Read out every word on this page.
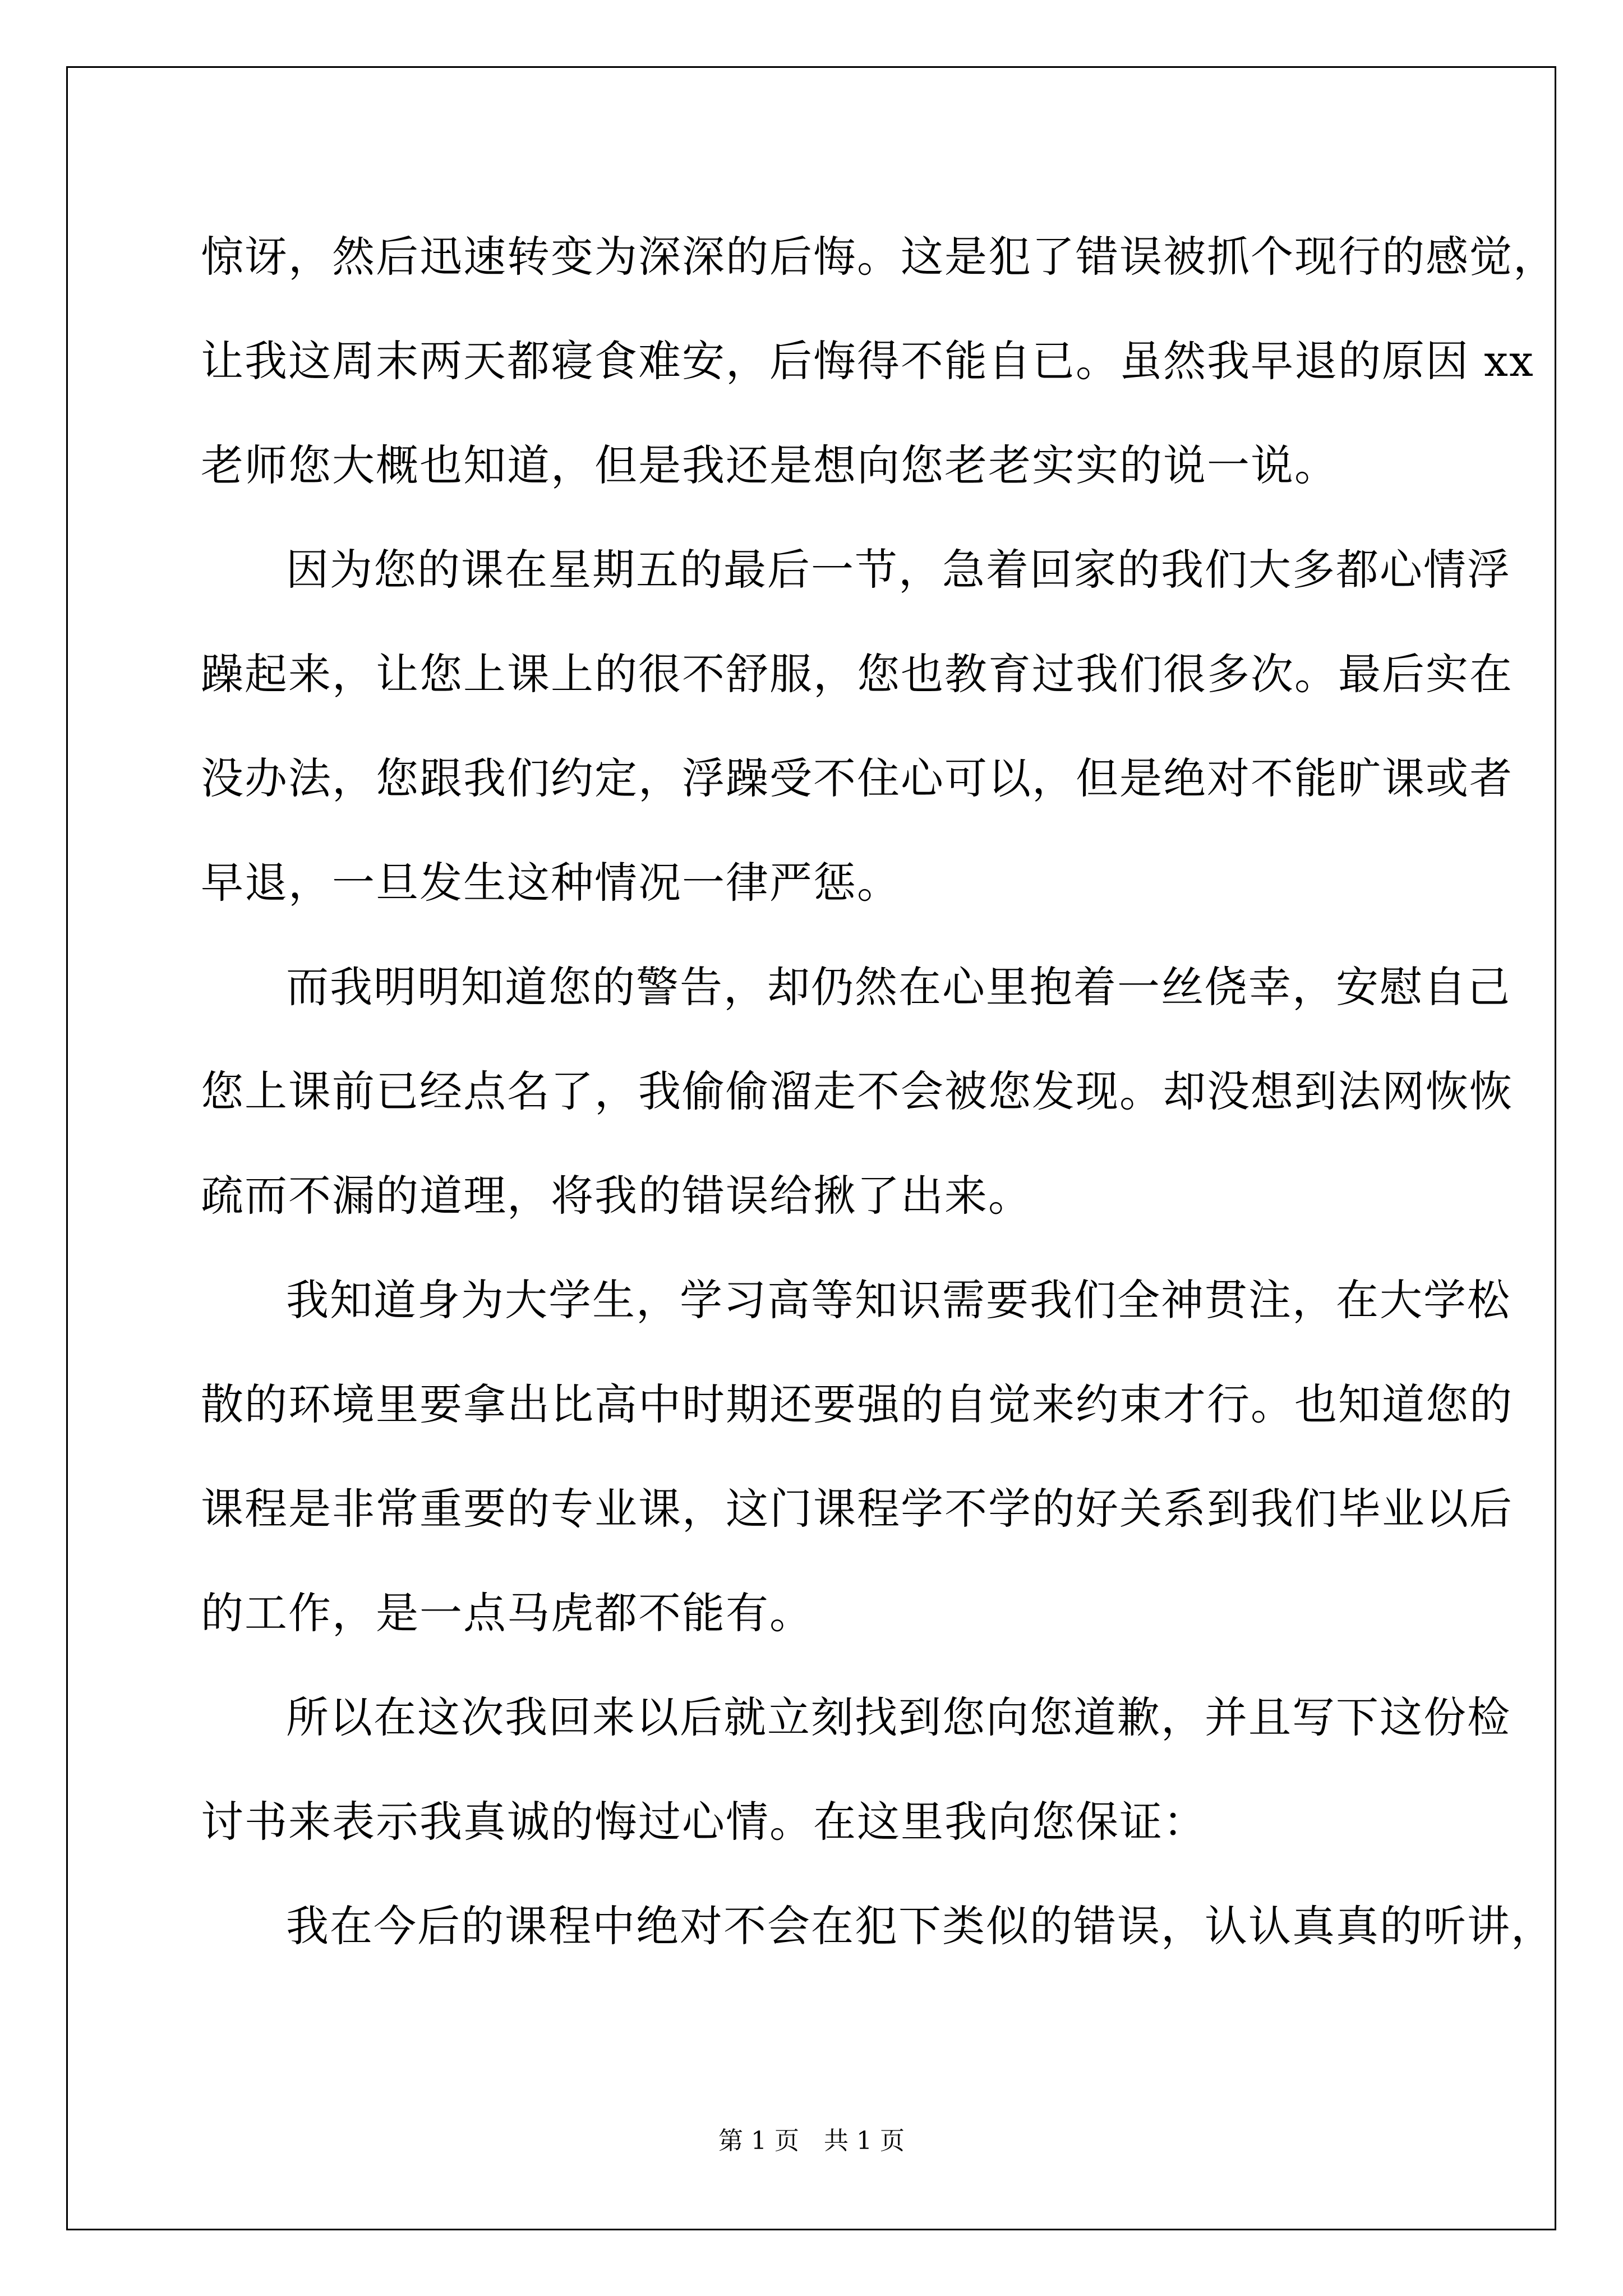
惊讶，然后迅速转变为深深的后悔。这是犯了错误被抓个现行的感觉，
让我这周末两天都寝食难安，后悔得不能自已。虽然我早退的原因 xx
老师您大概也知道，但是我还是想向您老老实实的说一说。
因为您的课在星期五的最后一节，急着回家的我们大多都心情浮
躁起来，让您上课上的很不舒服，您也教育过我们很多次。最后实在
没办法，您跟我们约定，浮躁受不住心可以，但是绝对不能旷课或者
早退，一旦发生这种情况一律严惩。
而我明明知道您的警告，却仍然在心里抱着一丝侥幸，安慰自己
您上课前已经点名了，我偷偷溜走不会被您发现。却没想到法网恢恢
疏而不漏的道理，将我的错误给揪了出来。
我知道身为大学生，学习高等知识需要我们全神贯注，在大学松
散的环境里要拿出比高中时期还要强的自觉来约束才行。也知道您的
课程是非常重要的专业课，这门课程学不学的好关系到我们毕业以后
的工作，是一点马虎都不能有。
所以在这次我回来以后就立刻找到您向您道歉，并且写下这份检
讨书来表示我真诚的悔过心情。在这里我向您保证：
我在今后的课程中绝对不会在犯下类似的错误，认认真真的听讲，
第 1 页　共 1 页
